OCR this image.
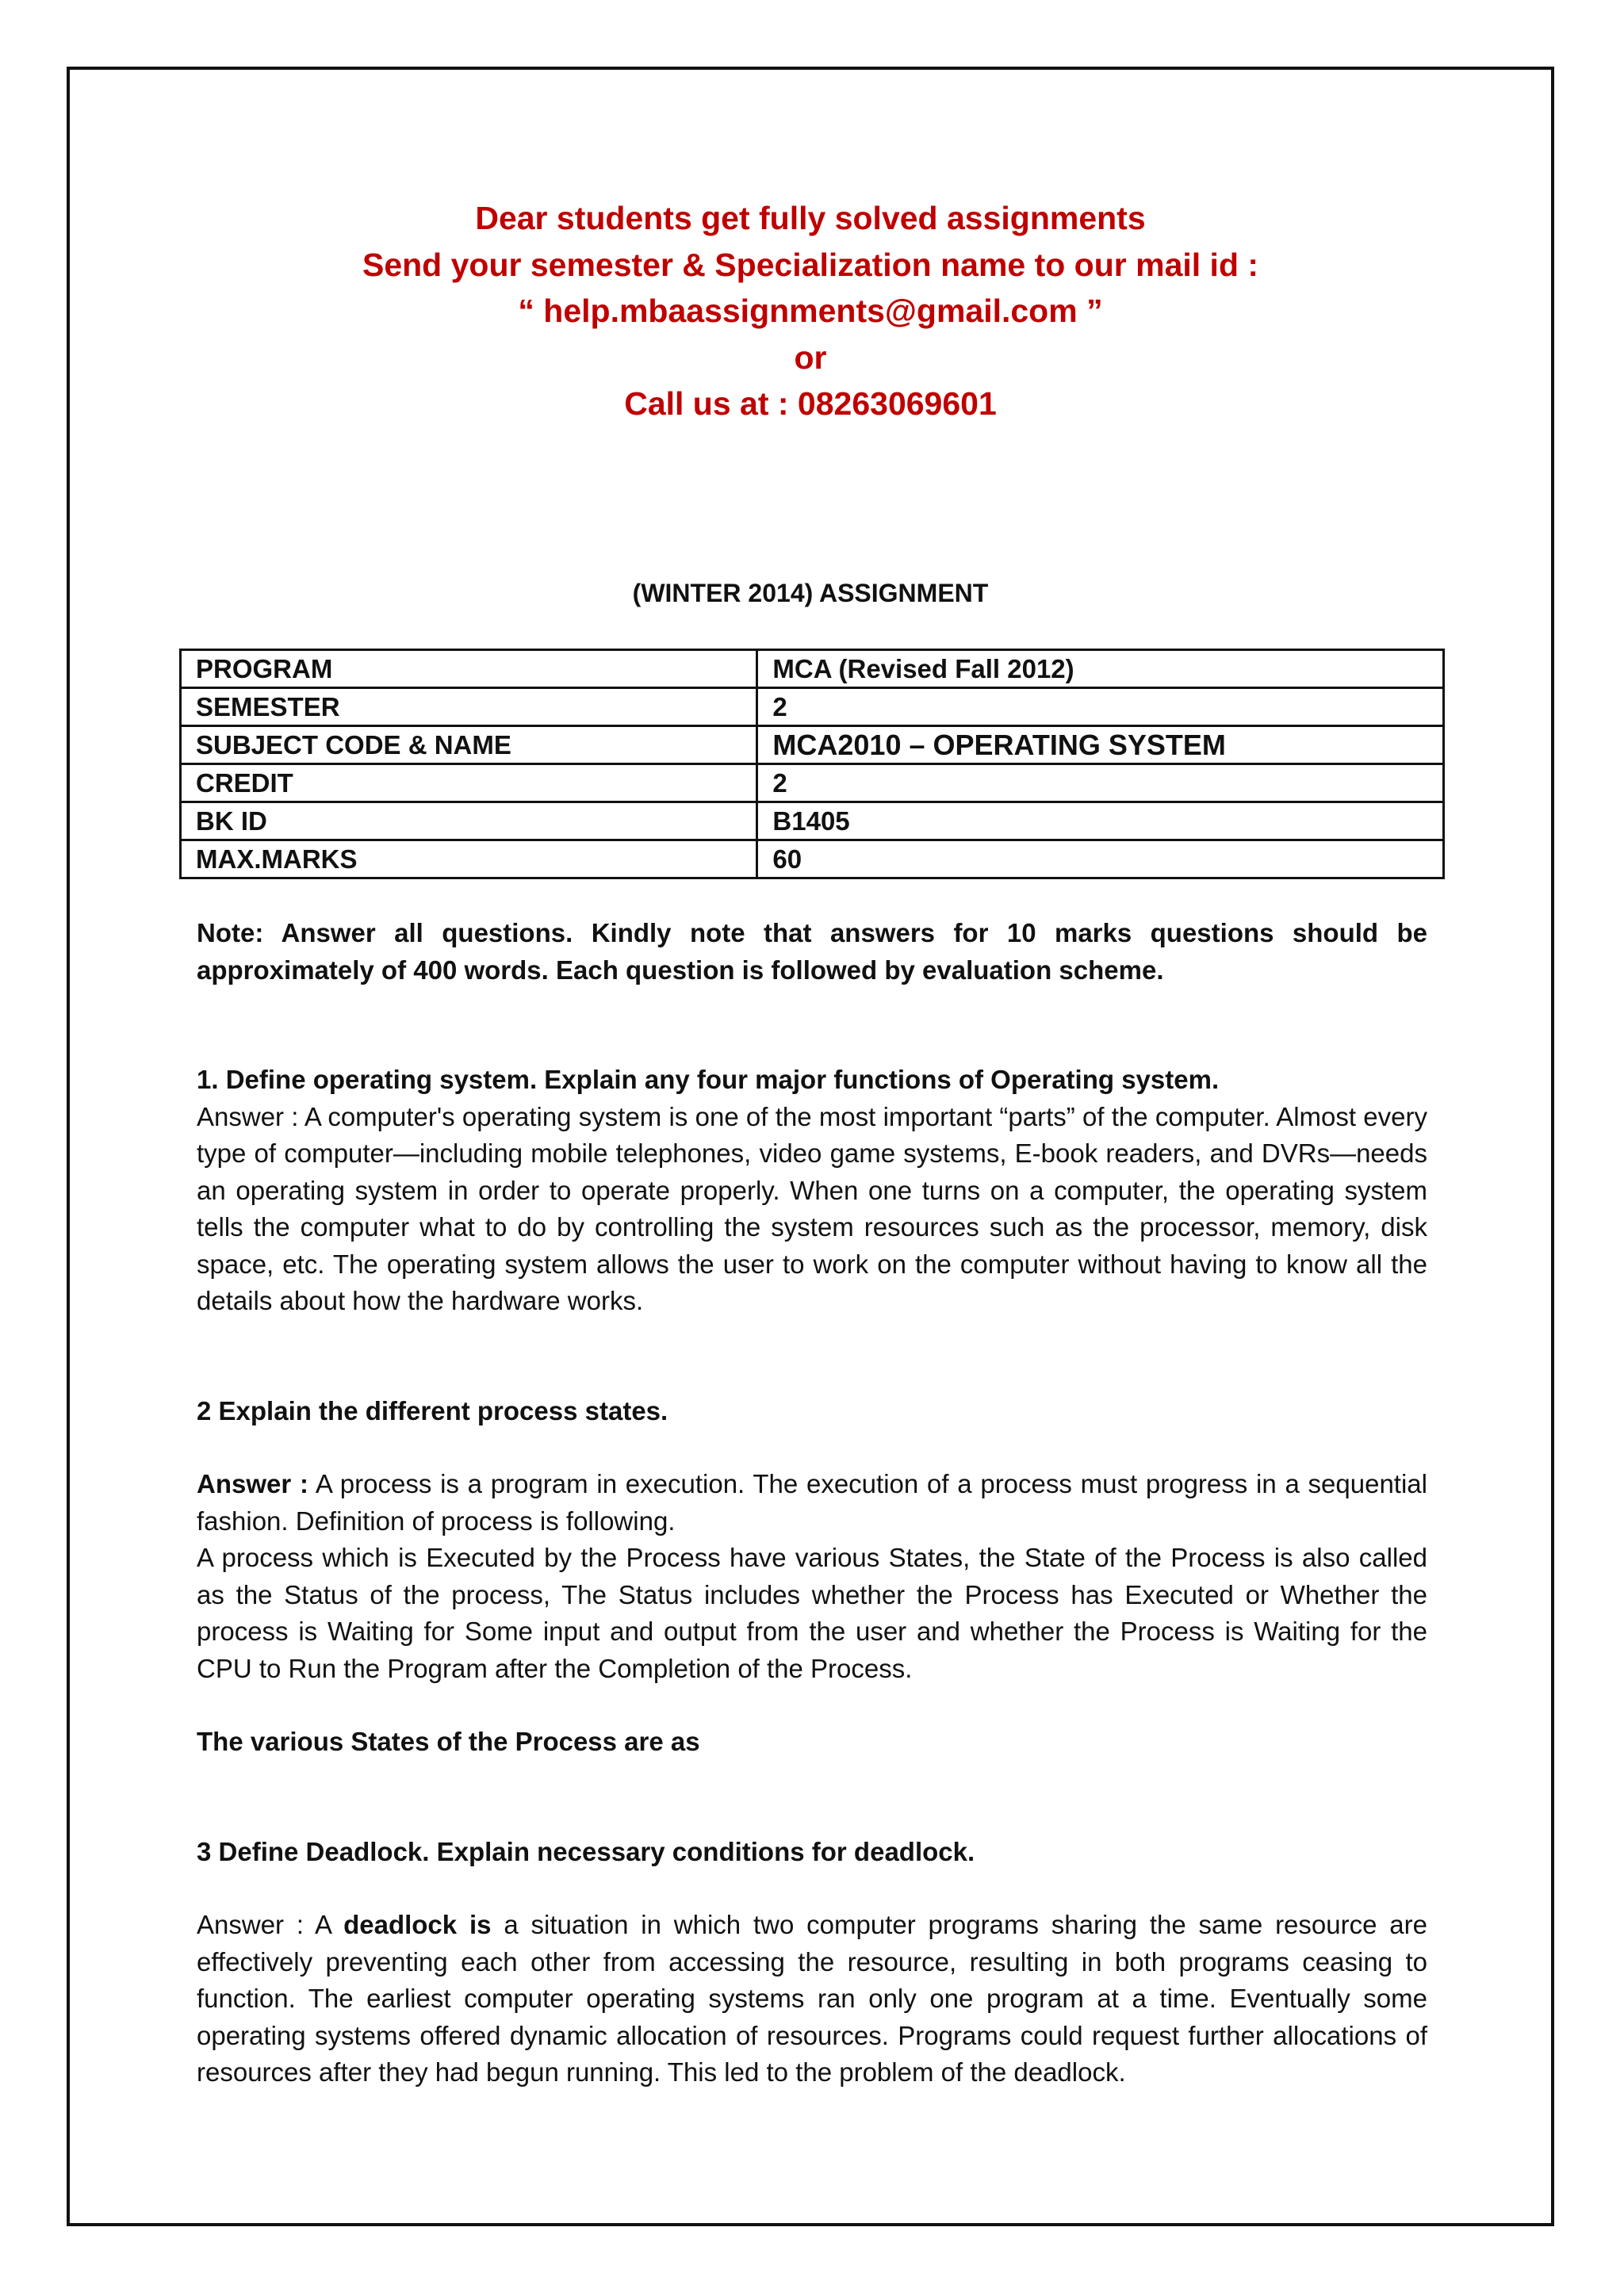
Dear students get fully solved assignments
Send your semester & Specialization name to our mail id :
“ help.mbaassignments@gmail.com ”
or
Call us at : 08263069601
(WINTER 2014) ASSIGNMENT
PROGRAM	MCA (Revised Fall 2012)
SEMESTER	2
SUBJECT CODE & NAME	MCA2010 – OPERATING SYSTEM
CREDIT	2
BK ID	B1405
MAX.MARKS	60

Note: Answer all questions. Kindly note that answers for 10 marks questions should be approximately of 400 words. Each question is followed by evaluation scheme.

1. Define operating system. Explain any four major functions of Operating system.

Answer : A computer's operating system is one of the most important “parts” of the computer. Almost every type of computer—including mobile telephones, video game systems, E-book readers, and DVRs—needs an operating system in order to operate properly. When one turns on a computer, the operating system tells the computer what to do by controlling the system resources such as the processor, memory, disk space, etc. The operating system allows the user to work on the computer without having to know all the details about how the hardware works.

2 Explain the different process states.

Answer : A process is a program in execution. The execution of a process must progress in a sequential fashion. Definition of process is following.

A process which is Executed by the Process have various States, the State of the Process is also called as the Status of the process, The Status includes whether the Process has Executed or Whether the process is Waiting for Some input and output from the user and whether the Process is Waiting for the CPU to Run the Program after the Completion of the Process.

The various States of the Process are as

3 Define Deadlock. Explain necessary conditions for deadlock.

Answer : A deadlock is a situation in which two computer programs sharing the same resource are effectively preventing each other from accessing the resource, resulting in both programs ceasing to function. The earliest computer operating systems ran only one program at a time. Eventually some operating systems offered dynamic allocation of resources. Programs could request further allocations of resources after they had begun running. This led to the problem of the deadlock.
